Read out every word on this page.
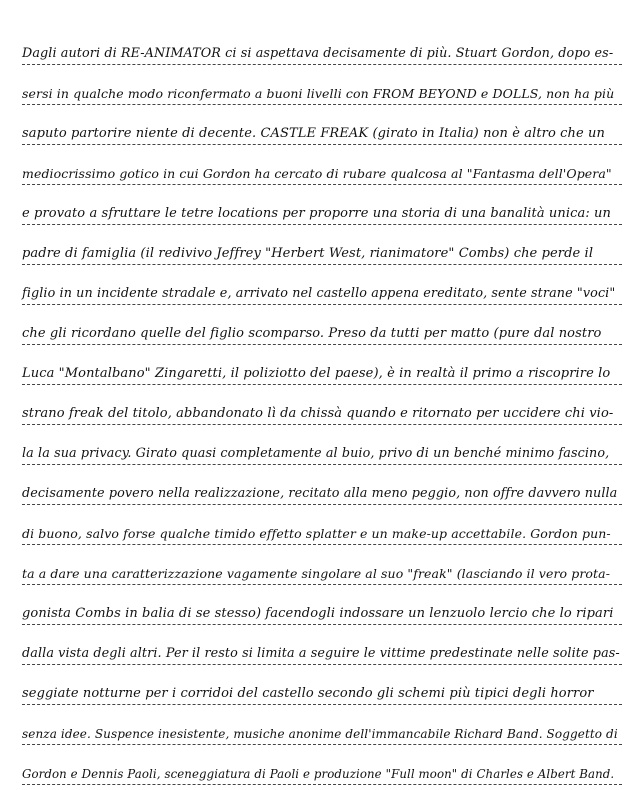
Dagli autori di RE-ANIMATOR ci si aspettava decisamente di più. Stuart Gordon, dopo es-
sersi in qualche modo riconfermato a buoni livelli con FROM BEYOND e DOLLS, non ha più
saputo partorire niente di decente. CASTLE FREAK (girato in Italia) non è altro che un
mediocrissimo gotico in cui Gordon ha cercato di rubare qualcosa al "Fantasma dell'Opera"
e provato a sfruttare le tetre locations per proporre una storia di una banalità unica: un
padre di famiglia (il redivivo Jeffrey "Herbert West, rianimatore" Combs) che perde il
figlio in un incidente stradale e, arrivato nel castello appena ereditato, sente strane "voci"
che gli ricordano quelle del figlio scomparso. Preso da tutti per matto (pure dal nostro
Luca "Montalbano" Zingaretti, il poliziotto del paese), è in realtà il primo a riscoprire lo
strano freak del titolo, abbandonato lì da chissà quando e ritornato per uccidere chi vio-
la la sua privacy. Girato quasi completamente al buio, privo di un benché minimo fascino,
decisamente povero nella realizzazione, recitato alla meno peggio, non offre davvero nulla
di buono, salvo forse qualche timido effetto splatter e un make-up accettabile. Gordon pun-
ta a dare una caratterizzazione vagamente singolare al suo "freak" (lasciando il vero prota-
gonista Combs in balia di se stesso) facendogli indossare un lenzuolo lercio che lo ripari
dalla vista degli altri. Per il resto si limita a seguire le vittime predestinate nelle solite pas-
seggiate notturne per i corridoi del castello secondo gli schemi più tipici degli horror
senza idee. Suspence inesistente, musiche anonime dell'immancabile Richard Band. Soggetto di
Gordon e Dennis Paoli, sceneggiatura di Paoli e produzione "Full moon" di Charles e Albert Band.
